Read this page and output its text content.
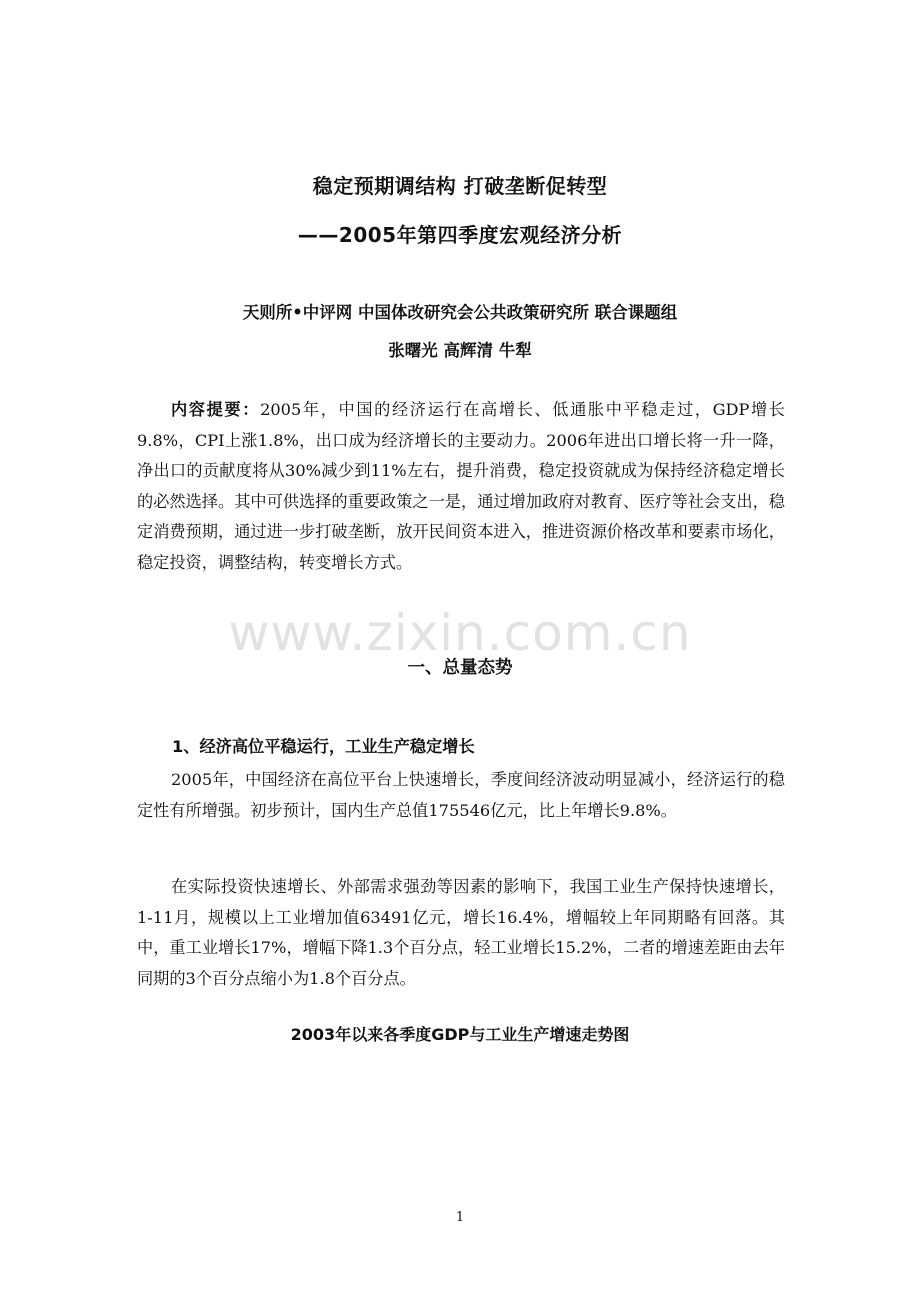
稳定预期调结构 打破垄断促转型
——2005年第四季度宏观经济分析
天则所•中评网 中国体改研究会公共政策研究所 联合课题组
张曙光 高辉清 牛犁

内容提要：2005年，中国的经济运行在高增长、低通胀中平稳走过，GDP增长9.8%，CPI上涨1.8%，出口成为经济增长的主要动力。2006年进出口增长将一升一降，净出口的贡献度将从30%减少到11%左右，提升消费，稳定投资就成为保持经济稳定增长的必然选择。其中可供选择的重要政策之一是，通过增加政府对教育、医疗等社会支出，稳定消费预期，通过进一步打破垄断，放开民间资本进入，推进资源价格改革和要素市场化，稳定投资，调整结构，转变增长方式。

www.zixin.com.cn
一、总量态势
1、经济高位平稳运行，工业生产稳定增长

2005年，中国经济在高位平台上快速增长，季度间经济波动明显减小，经济运行的稳定性有所增强。初步预计，国内生产总值175546亿元，比上年增长9.8%。

在实际投资快速增长、外部需求强劲等因素的影响下，我国工业生产保持快速增长，1-11月，规模以上工业增加值63491亿元，增长16.4%，增幅较上年同期略有回落。其中，重工业增长17%，增幅下降1.3个百分点，轻工业增长15.2%，二者的增速差距由去年同期的3个百分点缩小为1.8个百分点。

2003年以来各季度GDP与工业生产增速走势图
1
